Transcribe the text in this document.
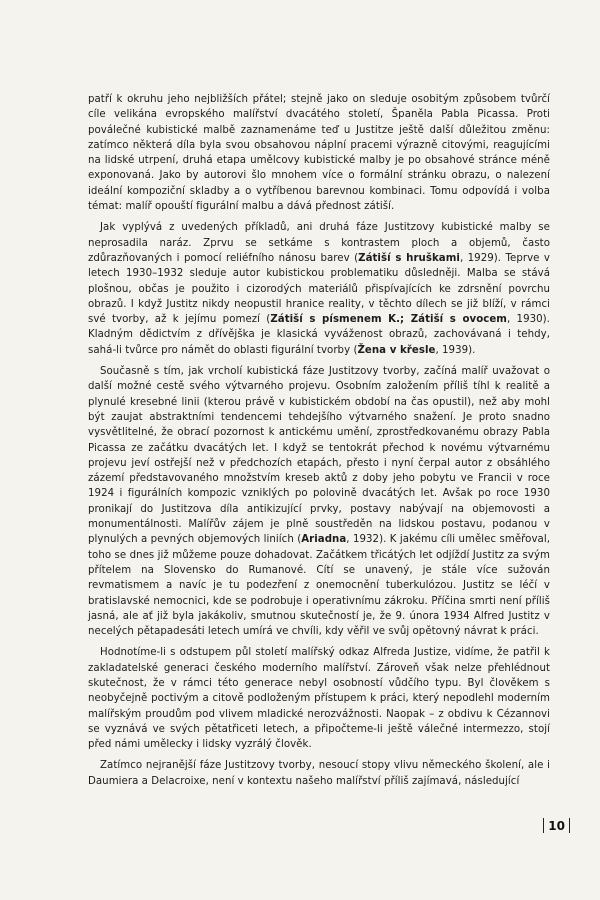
patří k okruhu jeho nejbližších přátel; stejně jako on sleduje osobitým způsobem tvůrčí cíle velikána evropského malířství dvacátého století, Španěla Pabla Picassa. Proti poválečné kubistické malbě zaznamenáme teď u Justitze ještě další důležitou změnu: zatímco některá díla byla svou obsahovou náplní pracemi výrazně citovými, reagujícími na lidské utrpení, druhá etapa umělcovy kubistické malby je po obsahové stránce méně exponovaná. Jako by autorovi šlo mnohem více o formální stránku obrazu, o nalezení ideální kompoziční skladby a o vytříbenou barevnou kombinaci. Tomu odpovídá i volba témat: malíř opouští figurální malbu a dává přednost zátiší.

Jak vyplývá z uvedených příkladů, ani druhá fáze Justitzovy kubistické malby se neprosadila naráz. Zprvu se setkáme s kontrastem ploch a objemů, často zdůrazňovaných i pomocí reliéfního nánosu barev (Zátiší s hruškami, 1929). Teprve v letech 1930–1932 sleduje autor kubistickou problematiku důsledněji. Malba se stává plošnou, občas je použito i cizorodých materiálů přispívajících ke zdrsnění povrchu obrazů. I když Justitz nikdy neopustil hranice reality, v těchto dílech se již blíží, v rámci své tvorby, až k jejímu pomezí (Zátiší s písmenem K.; Zátiší s ovocem, 1930). Kladným dědictvím z dřívějška je klasická vyváženost obrazů, zachovávaná i tehdy, sahá-li tvůrce pro námět do oblasti figurální tvorby (Žena v křesle, 1939).

Současně s tím, jak vrcholí kubistická fáze Justitzovy tvorby, začíná malíř uvažovat o další možné cestě svého výtvarného projevu. Osobním založením příliš tíhl k realitě a plynulé kresebné linii (kterou právě v kubistickém období na čas opustil), než aby mohl být zaujat abstraktními tendencemi tehdejšího výtvarného snažení. Je proto snadno vysvětlitelné, že obrací pozornost k antickému umění, zprostředkovanému obrazy Pabla Picassa ze začátku dvacátých let. I když se tentokrát přechod k novému výtvarnému projevu jeví ostřejší než v předchozích etapách, přesto i nyní čerpal autor z obsáhlého zázemí představovaného množstvím kreseb aktů z doby jeho pobytu ve Francii v roce 1924 i figurálních kompozic vzniklých po polovině dvacátých let. Avšak po roce 1930 pronikají do Justitzova díla antikizující prvky, postavy nabývají na objemovosti a monumentálnosti. Malířův zájem je plně soustředěn na lidskou postavu, podanou v plynulých a pevných objemových liniích (Ariadna, 1932). K jakému cíli umělec směřoval, toho se dnes již můžeme pouze dohadovat. Začátkem třicátých let odjíždí Justitz za svým přítelem na Slovensko do Rumanové. Cítí se unavený, je stále více sužován revmatismem a navíc je tu podezření z onemocnění tuberkulózou. Justitz se léčí v bratislavské nemocnici, kde se podrobuje i operativnímu zákroku. Příčina smrti není příliš jasná, ale ať již byla jakákoliv, smutnou skutečností je, že 9. února 1934 Alfred Justitz v necelých pětapadesáti letech umírá ve chvíli, kdy věřil ve svůj opětovný návrat k práci.

Hodnotíme-li s odstupem půl století malířský odkaz Alfreda Justize, vidíme, že patřil k zakladatelské generaci českého moderního malířství. Zároveň však nelze přehlédnout skutečnost, že v rámci této generace nebyl osobností vůdčího typu. Byl člověkem s neobyčejně poctivým a citově podloženým přístupem k práci, který nepodlehl moderním malířským proudům pod vlivem mladické nerozvážnosti. Naopak – z obdivu k Cézannovi se vyznává ve svých pětatřiceti letech, a připočteme-li ještě válečné intermezzo, stojí před námi umělecky i lidsky vyzrálý člověk.

Zatímco nejranější fáze Justitzovy tvorby, nesoucí stopy vlivu německého školení, ale i Daumiera a Delacroixe, není v kontextu našeho malířství příliš zajímavá, následující

10
